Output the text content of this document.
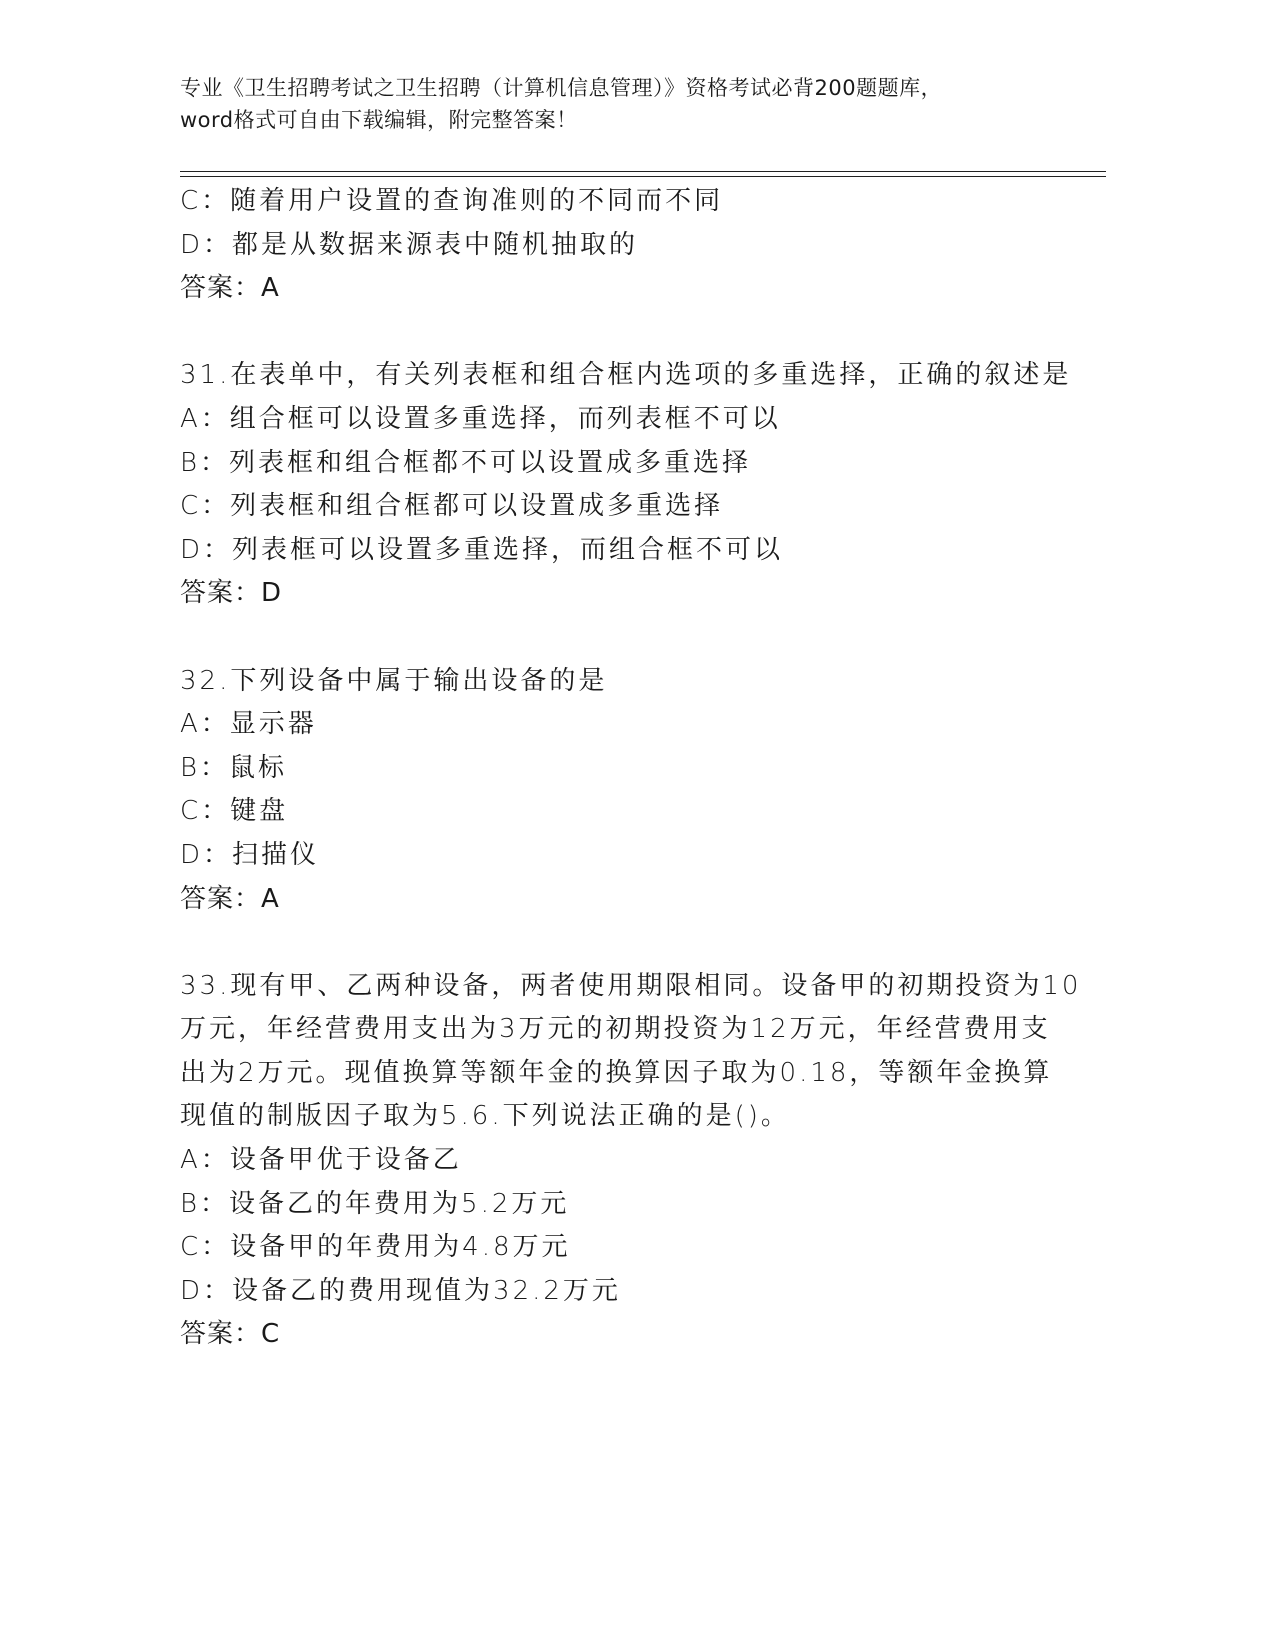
专业《卫生招聘考试之卫生招聘（计算机信息管理）》资格考试必背200题题库，
word格式可自由下载编辑，附完整答案！
C：随着用户设置的查询准则的不同而不同
D：都是从数据来源表中随机抽取的
答案：A
31.在表单中，有关列表框和组合框内选项的多重选择，正确的叙述是
A：组合框可以设置多重选择，而列表框不可以
B：列表框和组合框都不可以设置成多重选择
C：列表框和组合框都可以设置成多重选择
D：列表框可以设置多重选择，而组合框不可以
答案：D
32.下列设备中属于输出设备的是
A：显示器
B：鼠标
C：键盘
D：扫描仪
答案：A
33.现有甲、乙两种设备，两者使用期限相同。设备甲的初期投资为10
万元，年经营费用支出为3万元的初期投资为12万元，年经营费用支
出为2万元。现值换算等额年金的换算因子取为0.18，等额年金换算
现值的制版因子取为5.6.下列说法正确的是()。
A：设备甲优于设备乙
B：设备乙的年费用为5.2万元
C：设备甲的年费用为4.8万元
D：设备乙的费用现值为32.2万元
答案：C
